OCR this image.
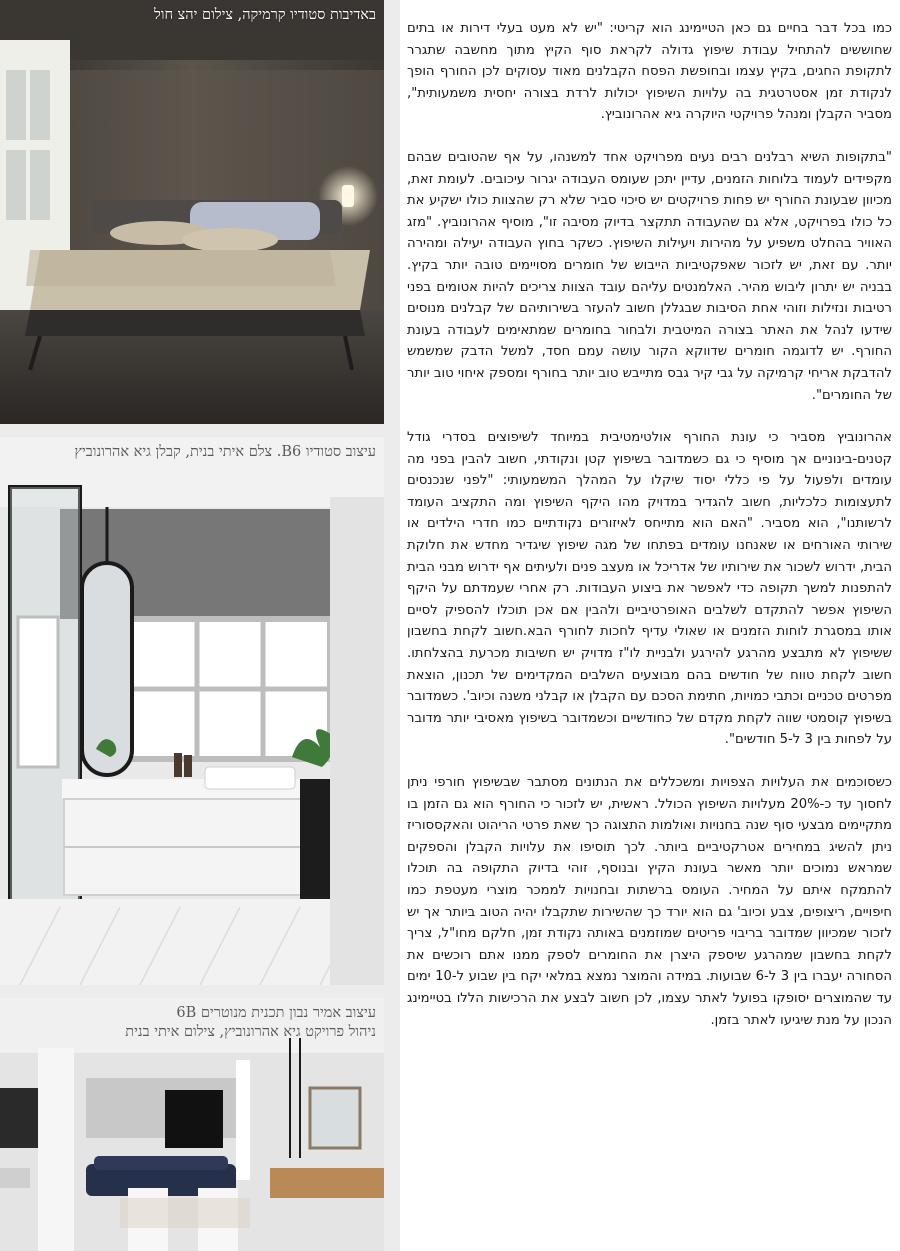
באדיבות סטודיו קרמיקה, צילום יהצ חול
עיצוב סטודיו B6. צלם איתי בנית, קבלן גיא אהרונוביץ
עיצוב אמיר נבון תכנית מנוטרים 6B
ניהול פרויקט גיא אהרונוביץ, צילום איתי בנית

כמו בכל דבר בחיים גם כאן הטיימינג הוא קריטי: "יש לא מעט בעלי דירות או בתים שחוששים להתחיל עבודת שיפוץ גדולה לקראת סוף הקיץ מתוך מחשבה שתגרר לתקופת החגים, בקיץ עצמו ובחופשת הפסח הקבלנים מאוד עסוקים לכן החורף הופך לנקודת זמן אסטרטגית בה עלויות השיפוץ יכולות לרדת בצורה יחסית משמעותית", מסביר הקבלן ומנהל פרויקטי היוקרה גיא אהרונוביץ.

"בתקופות השיא רבלנים רבים נעים מפרויקט אחד למשנהו, על אף שהטובים שבהם מקפידים לעמוד בלוחות הזמנים, עדיין יתכן שעומס העבודה יגרור עיכובים. לעומת זאת, מכיוון שבעונת החורף יש פחות פרויקטים יש סיכוי סביר שלא רק שהצוות כולו ישקיע את כל כולו בפרויקט, אלא גם שהעבודה תתקצר בדיוק מסיבה זו", מוסיף אהרונוביץ. "מזג האוויר בהחלט משפיע על מהירות ויעילות השיפוץ. כשקר בחוץ העבודה יעילה ומהירה יותר. עם זאת, יש לזכור שאפקטיביות הייבוש של חומרים מסויימים טובה יותר בקיץ. בבניה יש יתרון ליבוש מהיר. האלמנטים עליהם עובד הצוות צריכים להיות אטומים בפני רטיבות ונזילות וזוהי אחת הסיבות שבגללן חשוב להעזר בשירותיהם של קבלנים מנוסים שידעו לנהל את האתר בצורה המיטבית ולבחור בחומרים שמתאימים לעבודה בעונת החורף. יש לדוגמה חומרים שדווקא הקור עושה עמם חסד, למשל הדבק שמשמש להדבקת אריחי קרמיקה על גבי קיר גבס מתייבש טוב יותר בחורף ומספק איחוי טוב יותר של החומרים".

אהרונוביץ מסביר כי עונת החורף אולטימטיבית במיוחד לשיפוצים בסדרי גודל קטנים-בינוניים אך מוסיף כי גם כשמדובר בשיפוץ קטן ונקודתי, חשוב להבין בפני מה עומדים ולפעול על פי כללי יסוד שיקלו על המהלך המשמעותי: "לפני שנכנסים לתעצומות כלכליות, חשוב להגדיר במדויק מהו היקף השיפוץ ומה התקציב העומד לרשותנו", הוא מסביר. "האם הוא מתייחס לאיזורים נקודתיים כמו חדרי הילדים או שירותי האורחים או שאנחנו עומדים בפתחו של מגה שיפוץ שיגדיר מחדש את חלוקת הבית, ידרוש לשכור את שירותיו של אדריכל או מעצב פנים ולעיתים אף ידרוש מבני הבית להתפנות למשך תקופה כדי לאפשר את ביצוע העבודות. רק אחרי שעמדתם על היקף השיפוץ אפשר להתקדם לשלבים האופרטיביים ולהבין אם אכן תוכלו להספיק לסיים אותו במסגרת לוחות הזמנים או שאולי עדיף לחכות לחורף הבא.חשוב לקחת בחשבון ששיפוץ לא מתבצע מהרגע להירגע ולבניית לו"ז מדויק יש חשיבות מכרעת בהצלחתו. חשוב לקחת טווח של חודשים בהם מבוצעים השלבים המקדימים של תכנון, הוצאת מפרטים טכניים וכתבי כמויות, חתימת הסכם עם הקבלן או קבלני משנה וכיוב'. כשמדובר בשיפוץ קוסמטי שווה לקחת מקדם של כחודשיים וכשמדובר בשיפוץ מאסיבי יותר מדובר על לפחות בין 3 ל-5 חודשים".

כשסוכמים את העלויות הצפויות ומשכללים את הנתונים מסתבר שבשיפוץ חורפי ניתן לחסוך עד כ-20% מעלויות השיפוץ הכולל. ראשית, יש לזכור כי החורף הוא גם הזמן בו מתקיימים מבצעי סוף שנה בחנויות ואולמות התצוגה כך שאת פרטי הריהוט והאקססוריז ניתן להשיג במחירים אטרקטיביים ביותר. לכך תוסיפו את עלויות הקבלן והספקים שמראש נמוכים יותר מאשר בעונת הקיץ ובנוסף, זוהי בדיוק התקופה בה תוכלו להתמקח איתם על המחיר. העומס ברשתות ובחנויות לממכר מוצרי מעטפת כמו חיפויים, ריצופים, צבע וכיוב' גם הוא יורד כך שהשירות שתקבלו יהיה הטוב ביותר אך יש לזכור שמכיוון שמדובר בריבוי פריטים שמוזמנים באותה נקודת זמן, חלקם מחו"ל, צריך לקחת בחשבון שמהרגע שיספק היצרן את החומרים לספק ממנו אתם רוכשים את הסחורה יעברו בין 3 ל-6 שבועות. במידה והמוצר נמצא במלאי יקח בין שבוע ל-10 ימים עד שהמוצרים יסופקו בפועל לאתר עצמו, לכן חשוב לבצע את הרכישות הללו בטיימינג הנכון על מנת שיגיעו לאתר בזמן.
